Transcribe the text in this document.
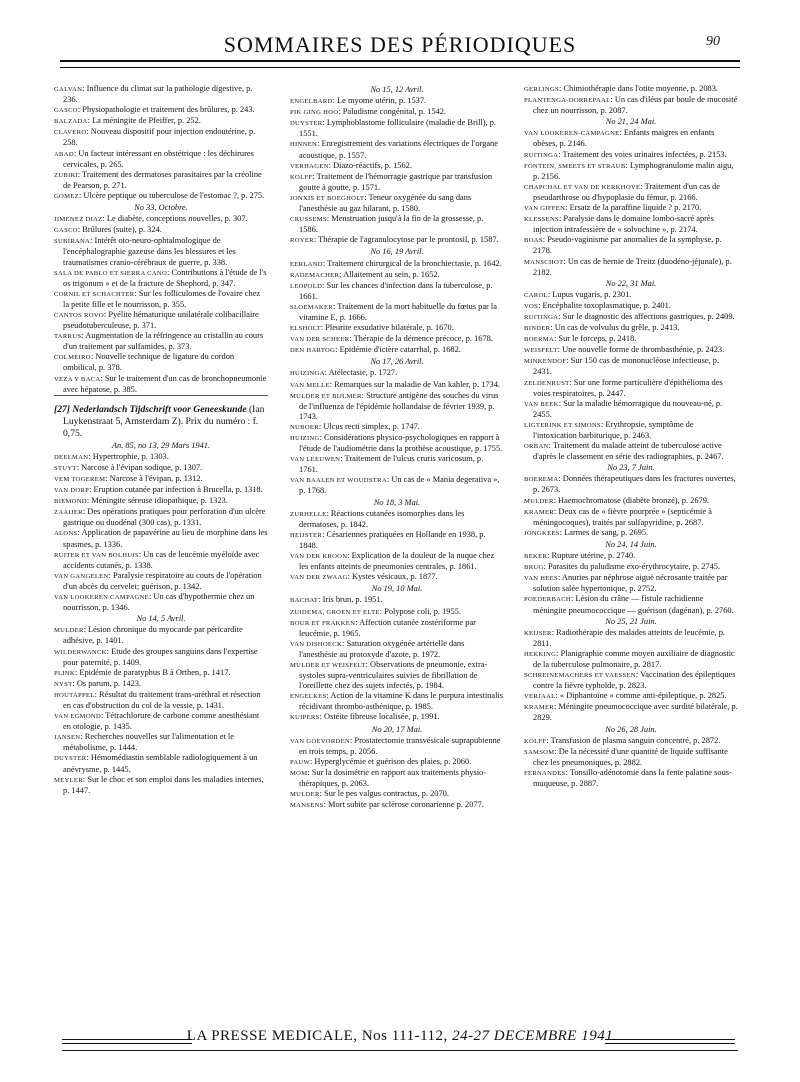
SOMMAIRES DES PÉRIODIQUES	90

GALVAN: Influence du climat sur la pathologie digestive, p. 236.

GASCO: Physiopathologie et traitement des brûlures, p. 243.

BALZADA: La méningite de Pfeiffer, p. 252.

CLAVERO: Nouveau dispositif pour injection endoutérine, p. 258.

ABAD: Un facteur intéressant en obstétrique : les déchirures cervicales, p. 265.

ZUBIRI: Traitement des dermatoses parasitaires par la créoline de Pearson, p. 271.

GOMEZ: Ulcère peptique ou tuberculose de l'estomac ?, p. 275.

No 33, Octobre.

JIMENEZ DIAZ: Le diabète, conceptions nouvelles, p. 307.

GASCO: Brûlures (suite), p. 324.

SUBIRANA: Intérêt oto-neuro-ophtalmologique de l'encéphalographie gazeuse dans les blessures et les traumatismes cranio-cérébraux de guerre, p. 338.

SALA DE PABLO ET SIERRA CANO: Contributions à l'étude de l's os trigonum » et de la fracture de Shephord, p. 347.

CORNIL ET SCHACHTER: Sur les folliculomes de l'ovaire chez la petite fille et le nourrisson, p. 355.

CANTOS ROVO: Pyélite hématurique unilatérale colibacillaire pseudotuberculeuse, p. 371.

TARRUS: Augmentation de la réfringence au cristallin au cours d'un traitement par sulfamides, p. 373.

COLMEIRO: Nouvelle technique de ligature du cordon ombilical, p. 378.

VEZA Y BACA: Sur le traitement d'un cas de bronchopneumonie avec hépatose, p. 385.

[27] Nederlandsch Tijdschrift voor Geneeskunde (Ian Luykenstraat 5, Amsterdam Z). Prix du numéro : f. 0,75.

An. 85, no 13, 29 Mars 1941.

DEELMAN: Hypertrophie, p. 1303.

STUYT: Narcose à l'évipan sodique, p. 1307.

VEM TOGEREM: Narcose à l'évipan, p. 1312.

VAN DORP: Eruption cutanée par infection à Brucella, p. 1318.

BIEMOND: Méningite séreuse idiopathique, p. 1323.

ZAAIJER: Des opérations pratiques pour perforation d'un ulcère gastrique ou duodénal (300 cas), p. 1331.

ALONS: Application de papavérine au lieu de morphine dans les spasmes, p. 1336.

RUITER ET VAN BOLHUIS: Un cas de leucémie myéloïde avec accidents cutanés, p. 1338.

VAN GANGELEN: Paralysie respiratoire au cours de l'opération d'un abcès du cervelet; guérison, p. 1342.

VAN LOOKEREN CAMPAGNE: Un cas d'hypothermie chez un nourrisson, p. 1346.

No 14, 5 Avril.

MULDER: Lésion chronique du myocarde par péricardite adhésive, p. 1401.

WILDERWANCK: Etude des groupes sanguins dans l'expertise pour paternité, p. 1409.

PLINK: Epidémie de paratyphus B à Orthen, p. 1417.

NYST: Os parum, p. 1423.

HOUTAPPEL: Résultat du traitement trans-uréthral et résection en cas d'obstruction du col de la vessie, p. 1431.

VAN EGMOND: Tétrachlorure de carbone comme anesthésiant en otologie, p. 1435.

JANSEN: Recherches nouvelles sur l'alimentation et le métabolisme, p. 1444.

DUYSTER: Hémomédiastin semblable radiologiquement à un anévrysme, p. 1445.

MEYLER: Sur le choc et son emploi dans les maladies internes, p. 1447.

No 15, 12 Avril.

ENGELBARD: Le myome utérin, p. 1537.

PIK GING HOO: Paludisme congénital, p. 1542.

DUYSTER: Lymphoblastome folliculaire (maladie de Brill), p. 1551.

HINNEN: Enregistrement des variations électriques de l'organe acoustique, p. 1557.

VERHAGEN: Diazo-réactifs, p. 1562.

KOLFF: Traitement de l'hémorragie gastrique par transfusion goutte à goutte, p. 1571.

JONXIS ET BOEGHOLT: Teneur oxygénée du sang dans l'anesthésie au gaz hilarant, p. 1580.

CRUSSEMS: Menstruation jusqu'à la fin de la grossesse, p. 1586.

ROYER: Thérapie de l'agranulocytose par le prontosil, p. 1587.

No 16, 19 Avril.

EERLAND: Traitement chirurgical de la bronchiectasie, p. 1642.

RADEMACHER: Allaitement au sein, p. 1652.

LEOPOLD: Sur les chances d'infection dans la tuberculose, p. 1661.

SLOEMAKER: Traitement de la mort habituelle du fœtus par la vitamine E, p. 1666.

ELSHOLT: Pleurite exsudative bilatérale, p. 1670.

VAN DER SCHEER: Thérapie de la démence précoce, p. 1678.

DEN HARTOG: Epidémie d'ictère catarrhal, p. 1682.

No 17, 26 Avril.

HUIZINGA: Atélectasie, p. 1727.

VAN MELLE: Remarques sur la maladie de Van kahler, p. 1734.

MULDER ET BIJLMER: Structure antigène des souches du virus de l'influenza de l'épidémie hollandaise de février 1939, p. 1743.

NUBOER: Ulcus recti simplex, p. 1747.

HUIZING: Considérations physico-psychologiques en rapport à l'étude de l'audiométrie dans la prothèse acoustique, p. 1755.

VAN LEEUWEN: Traitement de l'ulcus cruris varicosum, p. 1761.

VAN BAALEN ET WOUDSTRA: Un cas de « Mania degerativa », p. 1768.

No 18, 3 Mai.

ZURHELLE: Réactions cutanées isomorphes dans les dermatoses, p. 1842.

HEIJSTER: Césariennes pratiquées en Hollande en 1938, p. 1848.

VAN DER KROON: Explication de la douleur de la nuque chez les enfants atteints de pneumonies centrales, p. 1861.

VAN DER ZWAAG: Kystes vésicaux, p. 1877.

No 19, 10 Mai.

BACHAT: Iris brun, p. 1951.

ZUIDEMA, GROEN ET ELTE: Polypose coli, p. 1955.

BOUR ET FRAKKEN: Affection cutanée zostériforme par leucémie, p. 1965.

VAN DISHOECK: Saturation oxygénée artérielle dans l'anesthésie au protoxyde d'azote, p. 1972.

MULDER ET WEISFELT: Observations de pneumonie, extra-systoles supra-ventriculaires suivies de fibrillation de l'oreillette chez des sujets infectés, p. 1984.

ENGELKES: Action de la vitamine K dans le purpura intestinalis récidivant thrombo-asthénique, p. 1985.

KUIPERS: Ostéite fibreuse localisée, p. 1991.

No 20, 17 Mai.

VAN GOEVORDEN: Prostatectomie transvésicale suprapubienne en trois temps, p. 2056.

PAUW: Hyperglycémie et guérison des plaies, p. 2060.

MOM: Sur la dosimétrie en rapport aux traitements physio-thérapiques, p. 2063.

MULDER: Sur le pes valgus contractus, p. 2070.

MANSENS: Mort subite par sclérose coronarienne p. 2077.

GERLINGS: Chimiothérapie dans l'otite moyenne, p. 2083.

PLANTENGA-DORREPAAL: Un cas d'iléus par boule de mucosité chez un nourrisson, p. 2087.

No 21, 24 Mai.

VAN LOOKEREN-CAMPAGNE: Enfants maigres en enfants obèses, p. 2146.

RUITINGA: Traitement des voies urinaires infectées, p. 2153.

FONTEIN, SMEETS ET STRAUB: Lymphogranulome malin aigu, p. 2156.

CHAPCHAL ET VAN DE KERKHOVE: Traitement d'un cas de pseudarthrose ou d'hypoplasie du fémur, p. 2166.

VAN GIFFEN: Ersatz de la paraffine liquide ? p. 2170.

KLESSENS: Paralysie dans le domaine lombo-sacré après injection intrafessière de « solvochine », p. 2174.

BOAS: Pseudo-vaginisme par anomalies de la symphyse, p. 2178.

MANSCHOT: Un cas de hernie de Treitz (duodéno-jéjunale), p. 2182.

No 22, 31 Mai.

CAROL: Lupus vugaris, p. 2301.

VOS: Encéphalite toxoplasmatique, p. 2401.

RUITINGA: Sur le diagnostic des affections gastriques, p. 2409.

BINDER: Un cas de volvulus du grêle, p. 2413.

BOERMA: Sur le forceps, p. 2418.

WEISFELT: Une nouvelle forme de thrombasthénie, p. 2423.

MINKENDOF: Sur 150 cas de mononucléose infectieuse, p. 2431.

ZELDENRUST: Sur une forme particulière d'épithélioma des voies respiratoires, p. 2447.

VAN BEEK: Sur la maladie hémorragique du nouveau-né, p. 2455.

LIGTERINK ET SIMONS: Erythropsie, symptôme de l'intoxication barbiturique, p. 2463.

ORBAN: Traitement du malade atteint de tuberculose active d'après le classement en série des radiographies, p. 2467.

No 23, 7 Juin.

BOEREMA: Données thérapeutiques dans les fractures ouvertes, p. 2673.

MULDER: Haemochromatose (diabète bronzé), p. 2679.

KRAMER: Deux cas de « fièvre pourprée » (septicémie à méningocoques), traités par sulfapyridine, p. 2687.

JONGKEES: Larmes de sang, p. 2695.

No 24, 14 Juin.

BEKER: Rupture utérine, p. 2740.

BRUG: Parasites du paludisme exo-érythrocytaire, p. 2745.

VAN HEES: Anuries par néphrose aiguë nécrosante traitée par solution salée hypertonique, p. 2752.

POEDERBACH: Lésion du crâne — fistule rachidienne méningite pneumococcique — guérison (dagénan), p. 2760.

No 25, 21 Juin.

KEIJSER: Radiothérapie des malades atteints de leucémie, p. 2811.

HEKKING: Planigraphie comme moyen auxiliaire de diagnostic de la tuberculose pulmonaire, p. 2817.

SCHREINEMACHERS ET VAESSEN: Vaccination des épileptiques contre la fièvre typhoïde, p. 2823.

VERJAAL: « Diphantoïne » comme anti-épileptique, p. 2825.

KRAMER: Méningite pneumococcique avec surdité bilatérale, p. 2829.

No 26, 28 Juin.

KOLFF: Transfusion de plasma sanguin concentré, p. 2872.

SAMSOM: De la nécessité d'une quantité de liquide suffisante chez les pneumoniques, p. 2882.

FERNANDES: Tonsillo-adénotomie dans la fente palatine sous-muqueuse, p. 2887.

LA PRESSE MEDICALE, Nos 111-112, 24-27 DECEMBRE 1941
